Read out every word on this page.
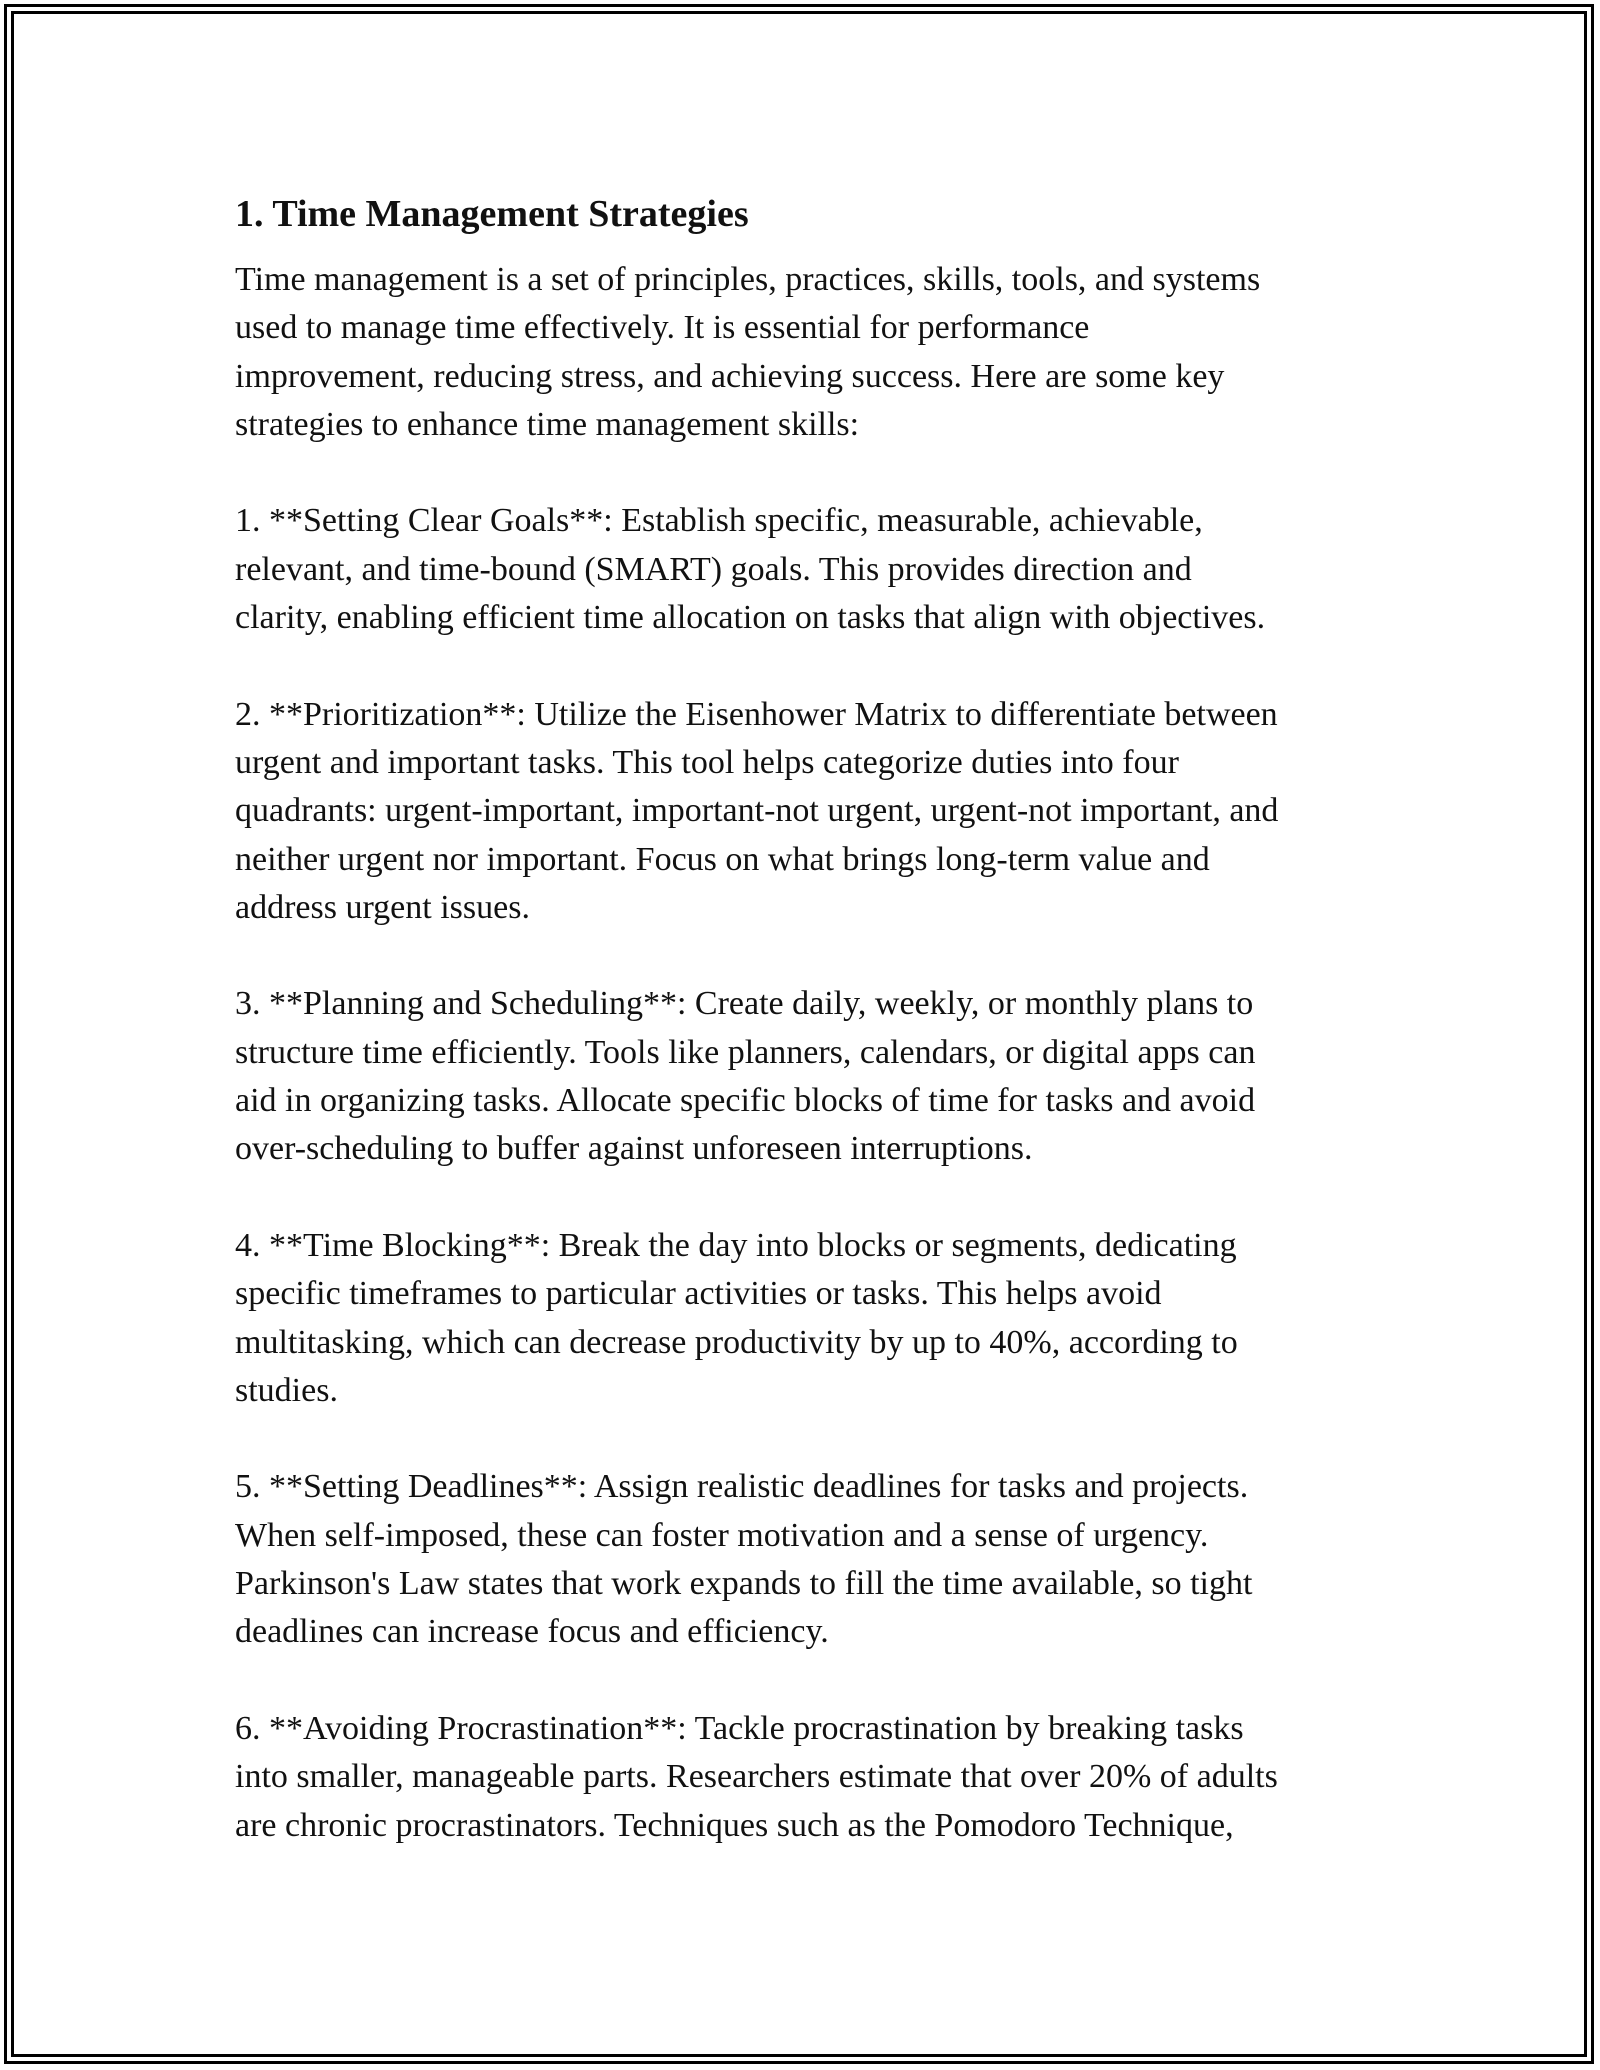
1. Time Management Strategies

Time management is a set of principles, practices, skills, tools, and systems
used to manage time effectively. It is essential for performance
improvement, reducing stress, and achieving success. Here are some key
strategies to enhance time management skills:

1. **Setting Clear Goals**: Establish specific, measurable, achievable,
relevant, and time-bound (SMART) goals. This provides direction and
clarity, enabling efficient time allocation on tasks that align with objectives.

2. **Prioritization**: Utilize the Eisenhower Matrix to differentiate between
urgent and important tasks. This tool helps categorize duties into four
quadrants: urgent-important, important-not urgent, urgent-not important, and
neither urgent nor important. Focus on what brings long-term value and
address urgent issues.

3. **Planning and Scheduling**: Create daily, weekly, or monthly plans to
structure time efficiently. Tools like planners, calendars, or digital apps can
aid in organizing tasks. Allocate specific blocks of time for tasks and avoid
over-scheduling to buffer against unforeseen interruptions.

4. **Time Blocking**: Break the day into blocks or segments, dedicating
specific timeframes to particular activities or tasks. This helps avoid
multitasking, which can decrease productivity by up to 40%, according to
studies.

5. **Setting Deadlines**: Assign realistic deadlines for tasks and projects.
When self-imposed, these can foster motivation and a sense of urgency.
Parkinson's Law states that work expands to fill the time available, so tight
deadlines can increase focus and efficiency.

6. **Avoiding Procrastination**: Tackle procrastination by breaking tasks
into smaller, manageable parts. Researchers estimate that over 20% of adults
are chronic procrastinators. Techniques such as the Pomodoro Technique,
